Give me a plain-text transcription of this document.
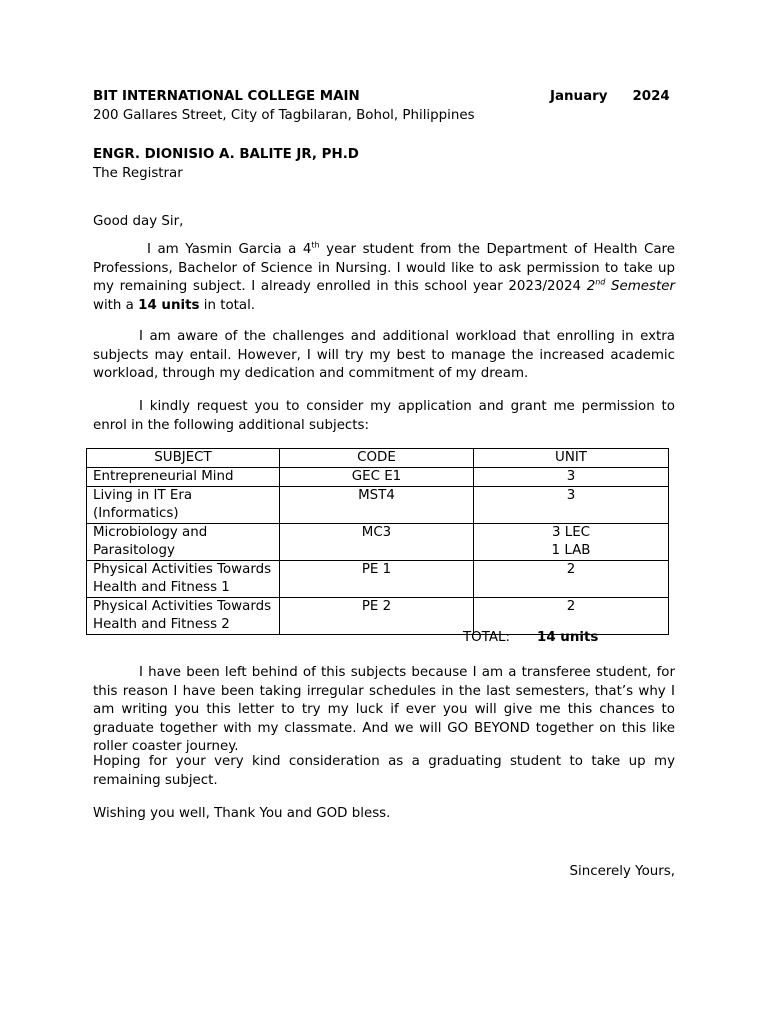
BIT INTERNATIONAL COLLEGE MAIN	January 2024
200 Gallares Street, City of Tagbilaran, Bohol, Philippines
ENGR. DIONISIO A. BALITE JR, PH.D
The Registrar
Good day Sir,
I am Yasmin Garcia a 4th year student from the Department of Health Care Professions, Bachelor of Science in Nursing. I would like to ask permission to take up my remaining subject. I already enrolled in this school year 2023/2024 2nd Semester with a 14 units in total.
I am aware of the challenges and additional workload that enrolling in extra subjects may entail. However, I will try my best to manage the increased academic workload, through my dedication and commitment of my dream.
I kindly request you to consider my application and grant me permission to enrol in the following additional subjects:
SUBJECT	CODE	UNIT
Entrepreneurial Mind	GEC E1	3
Living in IT Era (Informatics)	MST4	3
Microbiology and Parasitology	MC3	3 LEC
1 LAB

Physical Activities Towards Health and Fitness 1	PE 1	2
Physical Activities Towards Health and Fitness 2	PE 2	2
TOTAL: 14 units
I have been left behind of this subjects because I am a transferee student, for this reason I have been taking irregular schedules in the last semesters, that’s why I am writing you this letter to try my luck if ever you will give me this chances to graduate together with my classmate. And we will GO BEYOND together on this like roller coaster journey.
Hoping for your very kind consideration as a graduating student to take up my remaining subject.
Wishing you well, Thank You and GOD bless.
Sincerely Yours,
